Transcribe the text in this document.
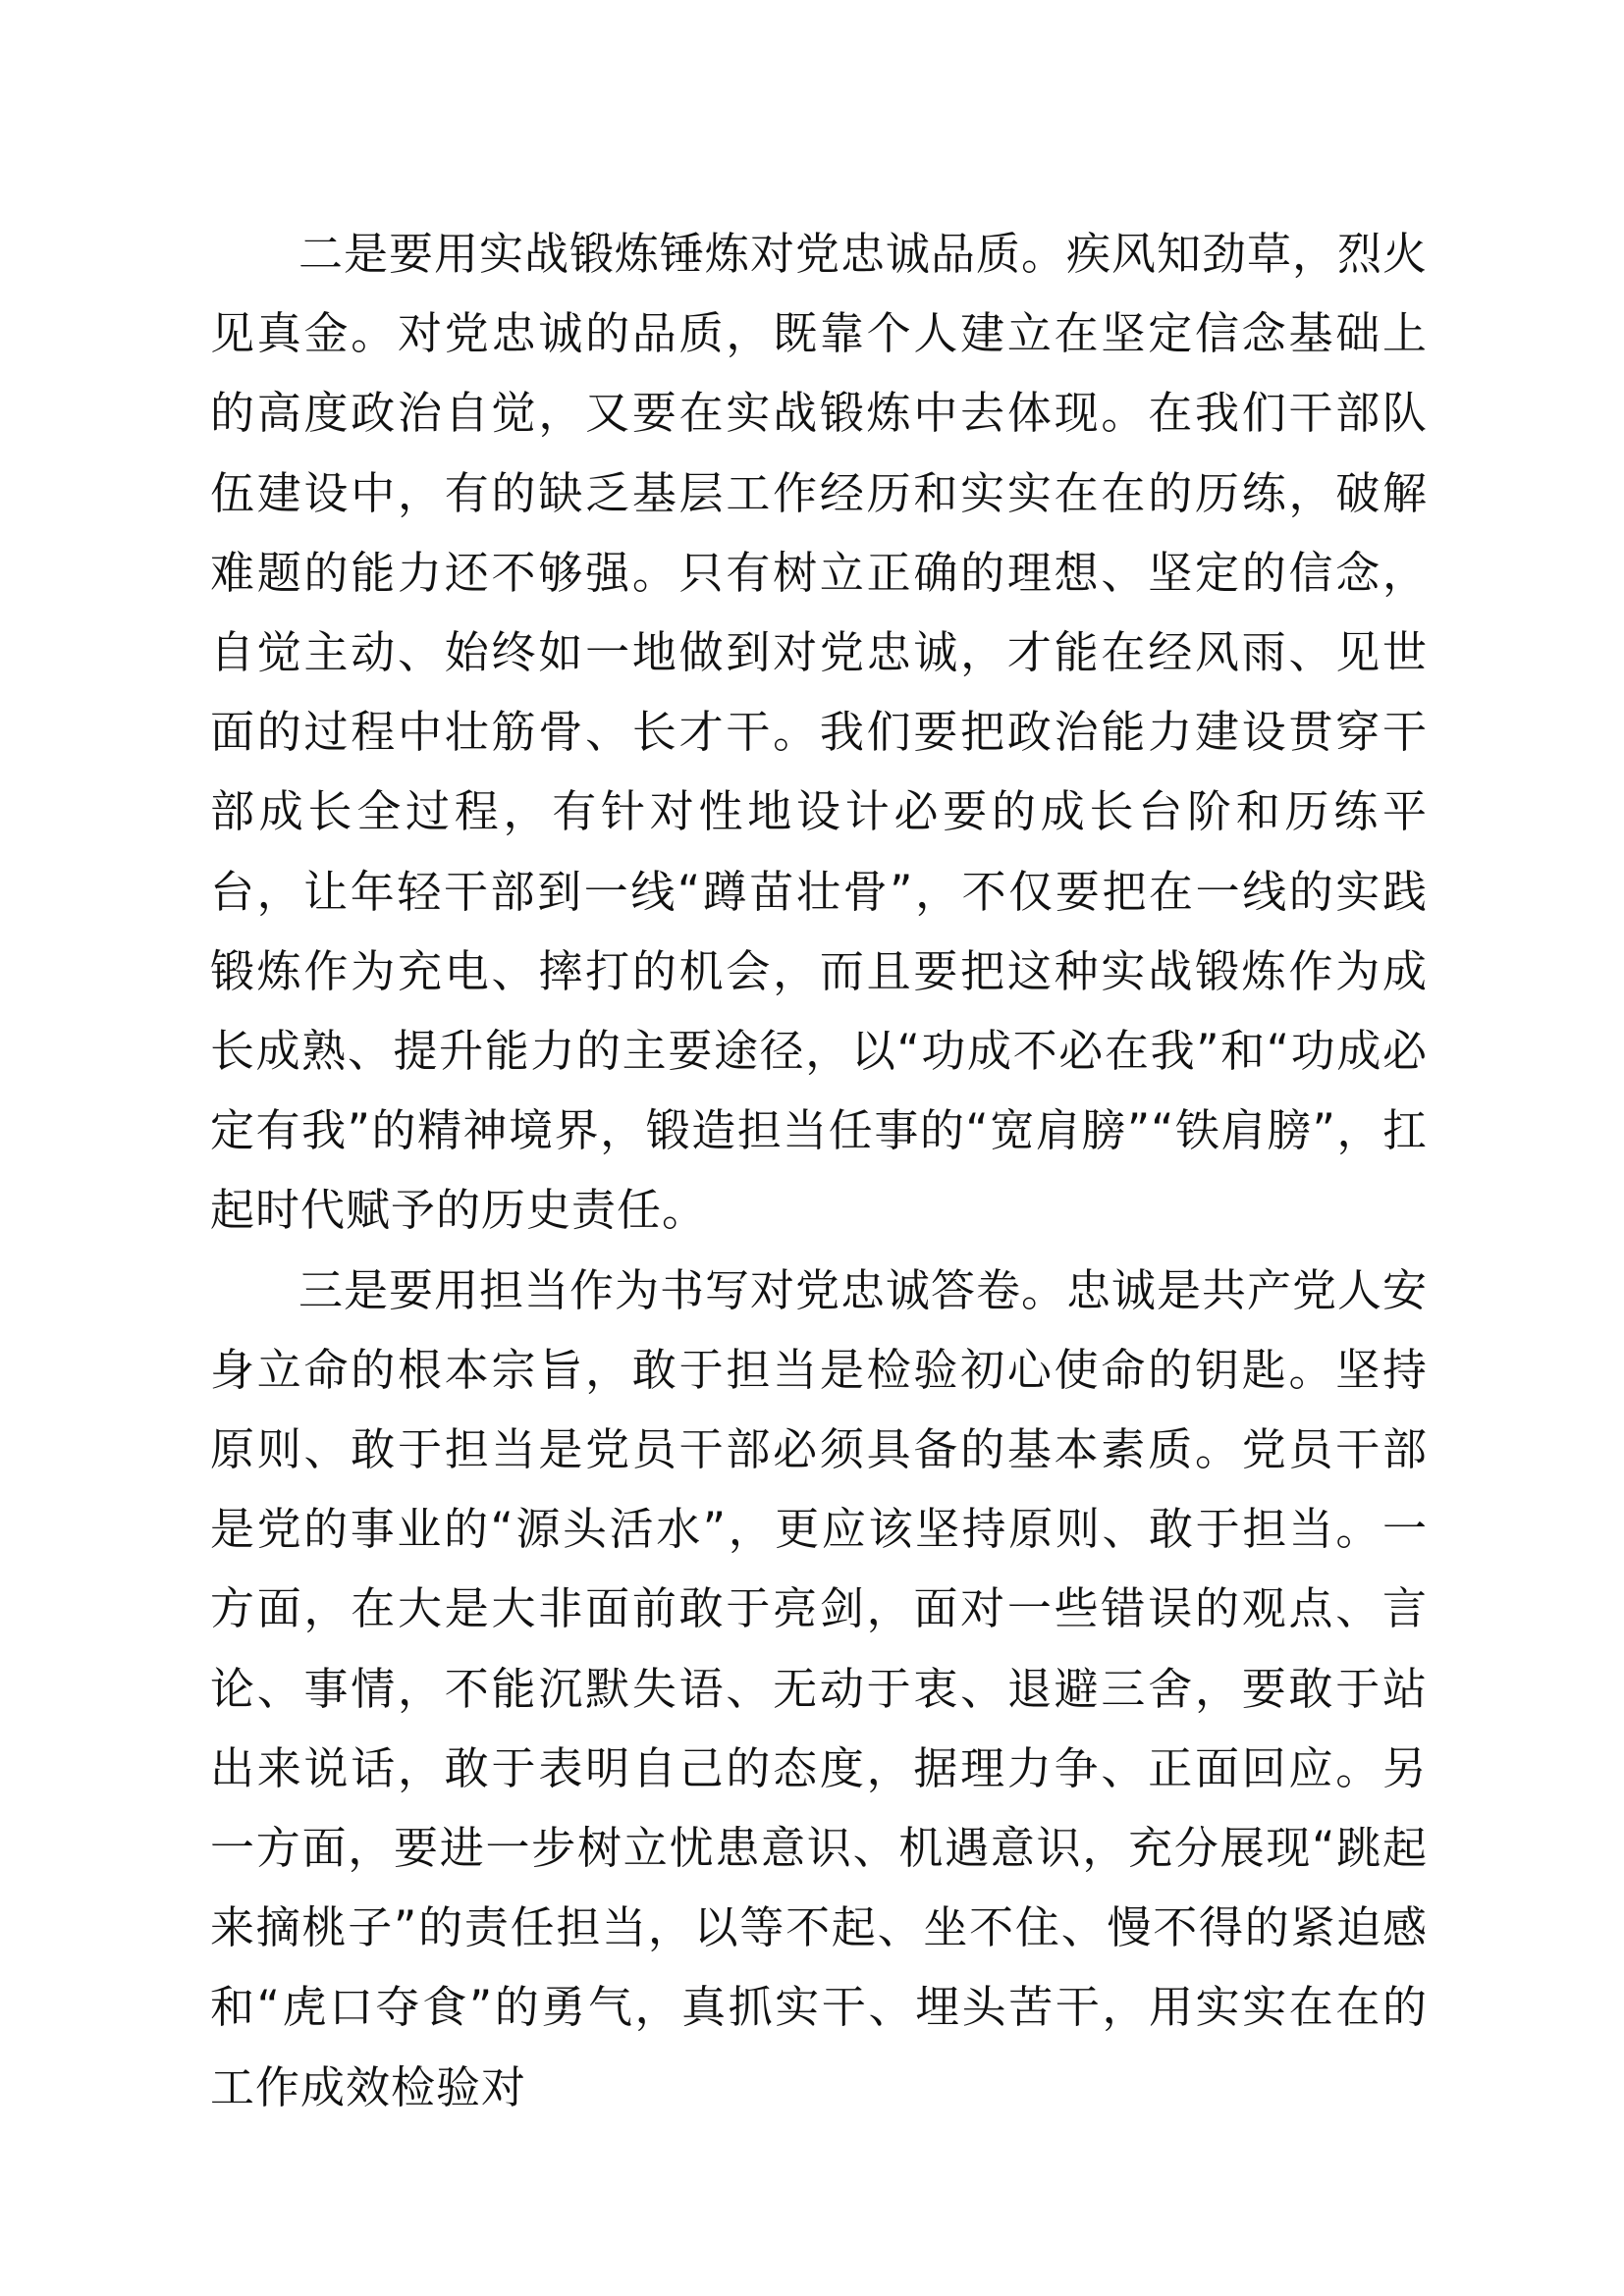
二是要用实战锻炼锤炼对党忠诚品质。疾风知劲草，烈火见真金。对党忠诚的品质，既靠个人建立在坚定信念基础上的高度政治自觉，又要在实战锻炼中去体现。在我们干部队伍建设中，有的缺乏基层工作经历和实实在在的历练，破解难题的能力还不够强。只有树立正确的理想、坚定的信念，自觉主动、始终如一地做到对党忠诚，才能在经风雨、见世面的过程中壮筋骨、长才干。我们要把政治能力建设贯穿干部成长全过程，有针对性地设计必要的成长台阶和历练平台，让年轻干部到一线“蹲苗壮骨”，不仅要把在一线的实践锻炼作为充电、摔打的机会，而且要把这种实战锻炼作为成长成熟、提升能力的主要途径，以“功成不必在我”和“功成必定有我”的精神境界，锻造担当任事的“宽肩膀”“铁肩膀”，扛起时代赋予的历史责任。

三是要用担当作为书写对党忠诚答卷。忠诚是共产党人安身立命的根本宗旨，敢于担当是检验初心使命的钥匙。坚持原则、敢于担当是党员干部必须具备的基本素质。党员干部是党的事业的“源头活水”，更应该坚持原则、敢于担当。一方面，在大是大非面前敢于亮剑，面对一些错误的观点、言论、事情，不能沉默失语、无动于衷、退避三舍，要敢于站出来说话，敢于表明自己的态度，据理力争、正面回应。另一方面，要进一步树立忧患意识、机遇意识，充分展现“跳起来摘桃子”的责任担当，以等不起、坐不住、慢不得的紧迫感和“虎口夺食”的勇气，真抓实干、埋头苦干，用实实在在的工作成效检验对
